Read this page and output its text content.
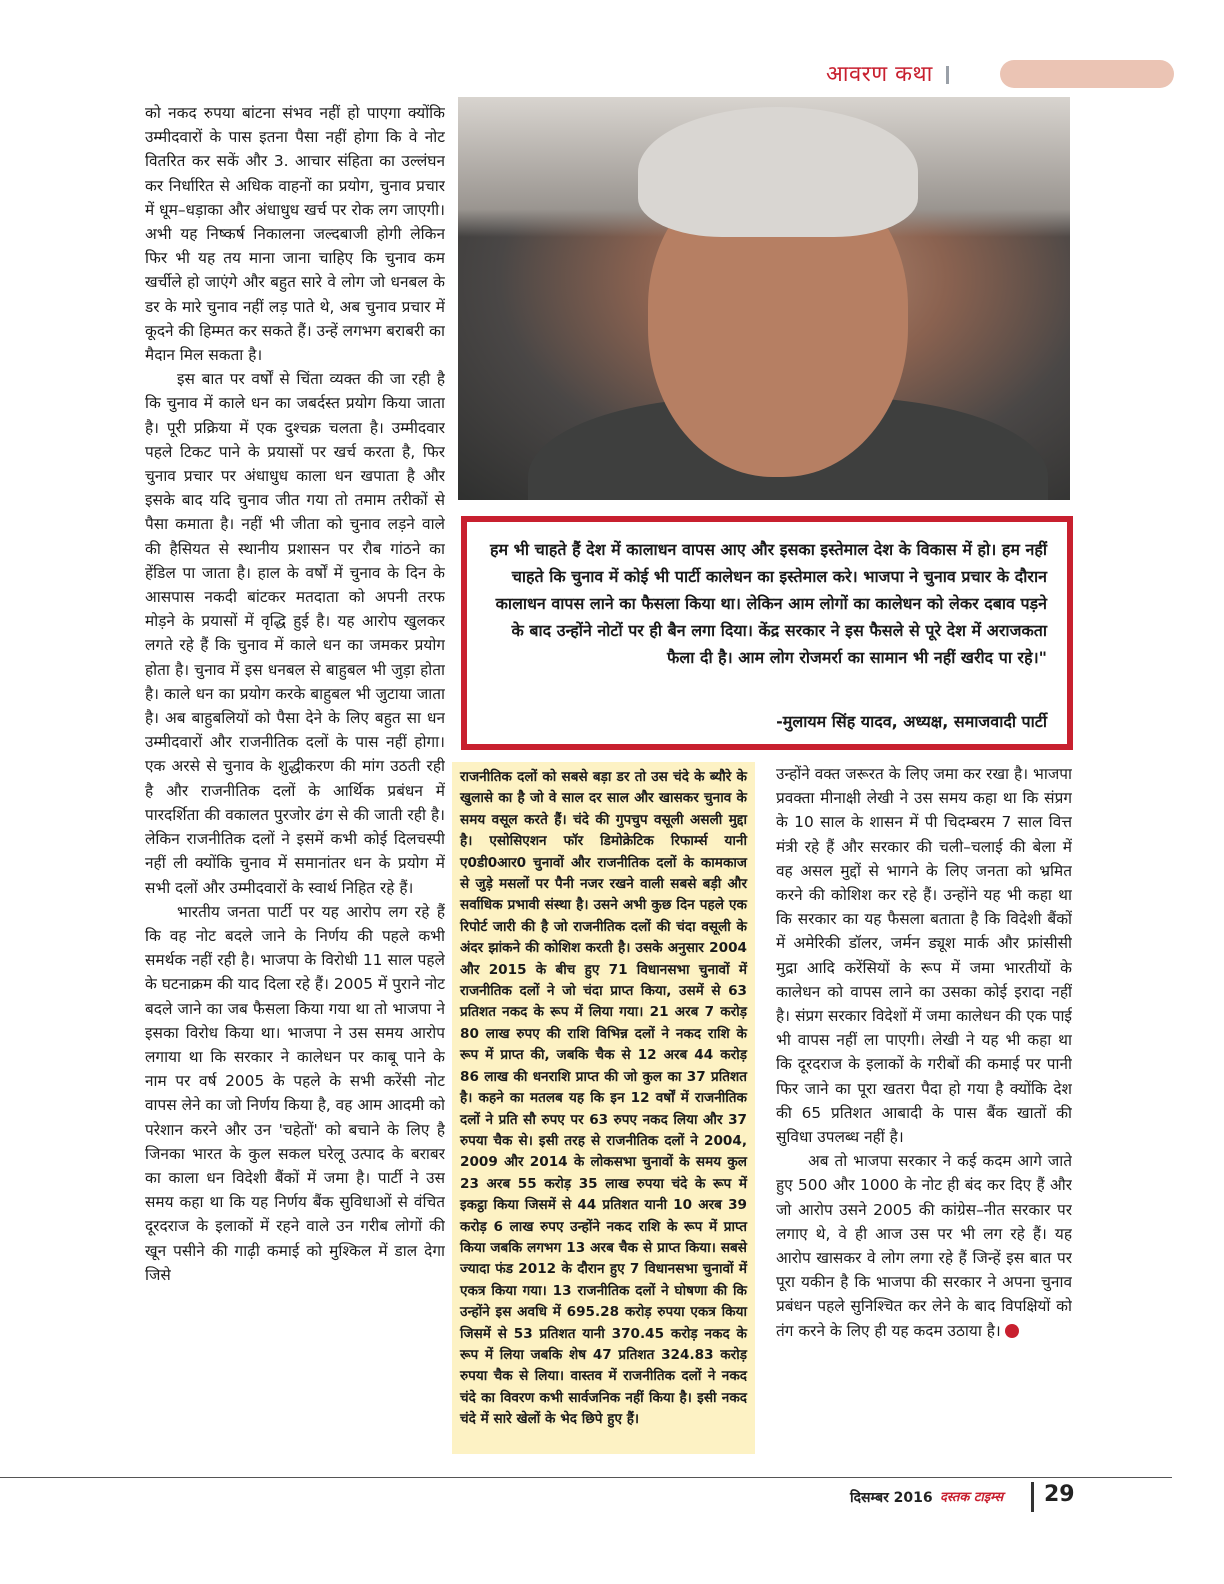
आवरण कथा

को नकद रुपया बांटना संभव नहीं हो पाएगा क्योंकि उम्मीदवारों के पास इतना पैसा नहीं होगा कि वे नोट वितरित कर सकें और 3. आचार संहिता का उल्लंघन कर निर्धारित से अधिक वाहनों का प्रयोग, चुनाव प्रचार में धूम–धड़ाका और अंधाधुध खर्च पर रोक लग जाएगी। अभी यह निष्कर्ष निकालना जल्दबाजी होगी लेकिन फिर भी यह तय माना जाना चाहिए कि चुनाव कम खर्चीले हो जाएंगे और बहुत सारे वे लोग जो धनबल के डर के मारे चुनाव नहीं लड़ पाते थे, अब चुनाव प्रचार में कूदने की हिम्मत कर सकते हैं। उन्हें लगभग बराबरी का मैदान मिल सकता है।

इस बात पर वर्षों से चिंता व्यक्त की जा रही है कि चुनाव में काले धन का जबर्दस्त प्रयोग किया जाता है। पूरी प्रक्रिया में एक दुश्चक्र चलता है। उम्मीदवार पहले टिकट पाने के प्रयासों पर खर्च करता है, फिर चुनाव प्रचार पर अंधाधुध काला धन खपाता है और इसके बाद यदि चुनाव जीत गया तो तमाम तरीकों से पैसा कमाता है। नहीं भी जीता को चुनाव लड़ने वाले की हैसियत से स्थानीय प्रशासन पर रौब गांठने का हेंडिल पा जाता है। हाल के वर्षों में चुनाव के दिन के आसपास नकदी बांटकर मतदाता को अपनी तरफ मोड़ने के प्रयासों में वृद्धि हुई है। यह आरोप खुलकर लगते रहे हैं कि चुनाव में काले धन का जमकर प्रयोग होता है। चुनाव में इस धनबल से बाहुबल भी जुड़ा होता है। काले धन का प्रयोग करके बाहुबल भी जुटाया जाता है। अब बाहुबलियों को पैसा देने के लिए बहुत सा धन उम्मीदवारों और राजनीतिक दलों के पास नहीं होगा। एक अरसे से चुनाव के शुद्धीकरण की मांग उठती रही है और राजनीतिक दलों के आर्थिक प्रबंधन में पारदर्शिता की वकालत पुरजोर ढंग से की जाती रही है। लेकिन राजनीतिक दलों ने इसमें कभी कोई दिलचस्पी नहीं ली क्योंकि चुनाव में समानांतर धन के प्रयोग में सभी दलों और उम्मीदवारों के स्वार्थ निहित रहे हैं।

भारतीय जनता पार्टी पर यह आरोप लग रहे हैं कि वह नोट बदले जाने के निर्णय की पहले कभी समर्थक नहीं रही है। भाजपा के विरोधी 11 साल पहले के घटनाक्रम की याद दिला रहे हैं। 2005 में पुराने नोट बदले जाने का जब फैसला किया गया था तो भाजपा ने इसका विरोध किया था। भाजपा ने उस समय आरोप लगाया था कि सरकार ने कालेधन पर काबू पाने के नाम पर वर्ष 2005 के पहले के सभी करेंसी नोट वापस लेने का जो निर्णय किया है, वह आम आदमी को परेशान करने और उन 'चहेतों' को बचाने के लिए है जिनका भारत के कुल सकल घरेलू उत्पाद के बराबर का काला धन विदेशी बैंकों में जमा है। पार्टी ने उस समय कहा था कि यह निर्णय बैंक सुविधाओं से वंचित दूरदराज के इलाकों में रहने वाले उन गरीब लोगों की खून पसीने की गाढ़ी कमाई को मुश्किल में डाल देगा जिसे

हम भी चाहते हैं देश में कालाधन वापस आए और इसका इस्तेमाल देश के विकास में हो। हम नहीं चाहते कि चुनाव में कोई भी पार्टी कालेधन का इस्तेमाल करे। भाजपा ने चुनाव प्रचार के दौरान कालाधन वापस लाने का फैसला किया था। लेकिन आम लोगों का कालेधन को लेकर दबाव पड़ने के बाद उन्होंने नोटों पर ही बैन लगा दिया। केंद्र सरकार ने इस फैसले से पूरे देश में अराजकता फैला दी है। आम लोग रोजमर्रा का सामान भी नहीं खरीद पा रहे।"
-मुलायम सिंह यादव, अध्यक्ष, समाजवादी पार्टी
राजनीतिक दलों को सबसे बड़ा डर तो उस चंदे के ब्यौरे के खुलासे का है जो वे साल दर साल और खासकर चुनाव के समय वसूल करते हैं। चंदे की गुपचुप वसूली असली मुद्दा है। एसोसिएशन फॉर डिमोक्रेटिक रिफार्म्स यानी ए0डी0आर0 चुनावों और राजनीतिक दलों के कामकाज से जुड़े मसलों पर पैनी नजर रखने वाली सबसे बड़ी और सर्वाधिक प्रभावी संस्था है। उसने अभी कुछ दिन पहले एक रिपोर्ट जारी की है जो राजनीतिक दलों की चंदा वसूली के अंदर झांकने की कोशिश करती है। उसके अनुसार 2004 और 2015 के बीच हुए 71 विधानसभा चुनावों में राजनीतिक दलों ने जो चंदा प्राप्त किया, उसमें से 63 प्रतिशत नकद के रूप में लिया गया। 21 अरब 7 करोड़ 80 लाख रुपए की राशि विभिन्न दलों ने नकद राशि के रूप में प्राप्त की, जबकि चैक से 12 अरब 44 करोड़ 86 लाख की धनराशि प्राप्त की जो कुल का 37 प्रतिशत है। कहने का मतलब यह कि इन 12 वर्षों में राजनीतिक दलों ने प्रति सौ रुपए पर 63 रुपए नकद लिया और 37 रुपया चैक से। इसी तरह से राजनीतिक दलों ने 2004, 2009 और 2014 के लोकसभा चुनावों के समय कुल 23 अरब 55 करोड़ 35 लाख रुपया चंदे के रूप में इकट्ठा किया जिसमें से 44 प्रतिशत यानी 10 अरब 39 करोड़ 6 लाख रुपए उन्होंने नकद राशि के रूप में प्राप्त किया जबकि लगभग 13 अरब चैक से प्राप्त किया। सबसे ज्यादा फंड 2012 के दौरान हुए 7 विधानसभा चुनावों में एकत्र किया गया। 13 राजनीतिक दलों ने घोषणा की कि उन्होंने इस अवधि में 695.28 करोड़ रुपया एकत्र किया जिसमें से 53 प्रतिशत यानी 370.45 करोड़ नकद के रूप में लिया जबकि शेष 47 प्रतिशत 324.83 करोड़ रुपया चैक से लिया। वास्तव में राजनीतिक दलों ने नकद चंदे का विवरण कभी सार्वजनिक नहीं किया है। इसी नकद चंदे में सारे खेलों के भेद छिपे हुए हैं।

उन्होंने वक्त जरूरत के लिए जमा कर रखा है। भाजपा प्रवक्ता मीनाक्षी लेखी ने उस समय कहा था कि संप्रग के 10 साल के शासन में पी चिदम्बरम 7 साल वित्त मंत्री रहे हैं और सरकार की चली–चलाई की बेला में वह असल मुद्दों से भागने के लिए जनता को भ्रमित करने की कोशिश कर रहे हैं। उन्होंने यह भी कहा था कि सरकार का यह फैसला बताता है कि विदेशी बैंकों में अमेरिकी डॉलर, जर्मन ड्यूश मार्क और फ्रांसीसी मुद्रा आदि करेंसियों के रूप में जमा भारतीयों के कालेधन को वापस लाने का उसका कोई इरादा नहीं है। संप्रग सरकार विदेशों में जमा कालेधन की एक पाई भी वापस नहीं ला पाएगी। लेखी ने यह भी कहा था कि दूरदराज के इलाकों के गरीबों की कमाई पर पानी फिर जाने का पूरा खतरा पैदा हो गया है क्योंकि देश की 65 प्रतिशत आबादी के पास बैंक खातों की सुविधा उपलब्ध नहीं है।

अब तो भाजपा सरकार ने कई कदम आगे जाते हुए 500 और 1000 के नोट ही बंद कर दिए हैं और जो आरोप उसने 2005 की कांग्रेस–नीत सरकार पर लगाए थे, वे ही आज उस पर भी लग रहे हैं। यह आरोप खासकर वे लोग लगा रहे हैं जिन्हें इस बात पर पूरा यकीन है कि भाजपा की सरकार ने अपना चुनाव प्रबंधन पहले सुनिश्चित कर लेने के बाद विपक्षियों को तंग करने के लिए ही यह कदम उठाया है।

दिसम्बर 2016 दस्तक टाइम्स 29
